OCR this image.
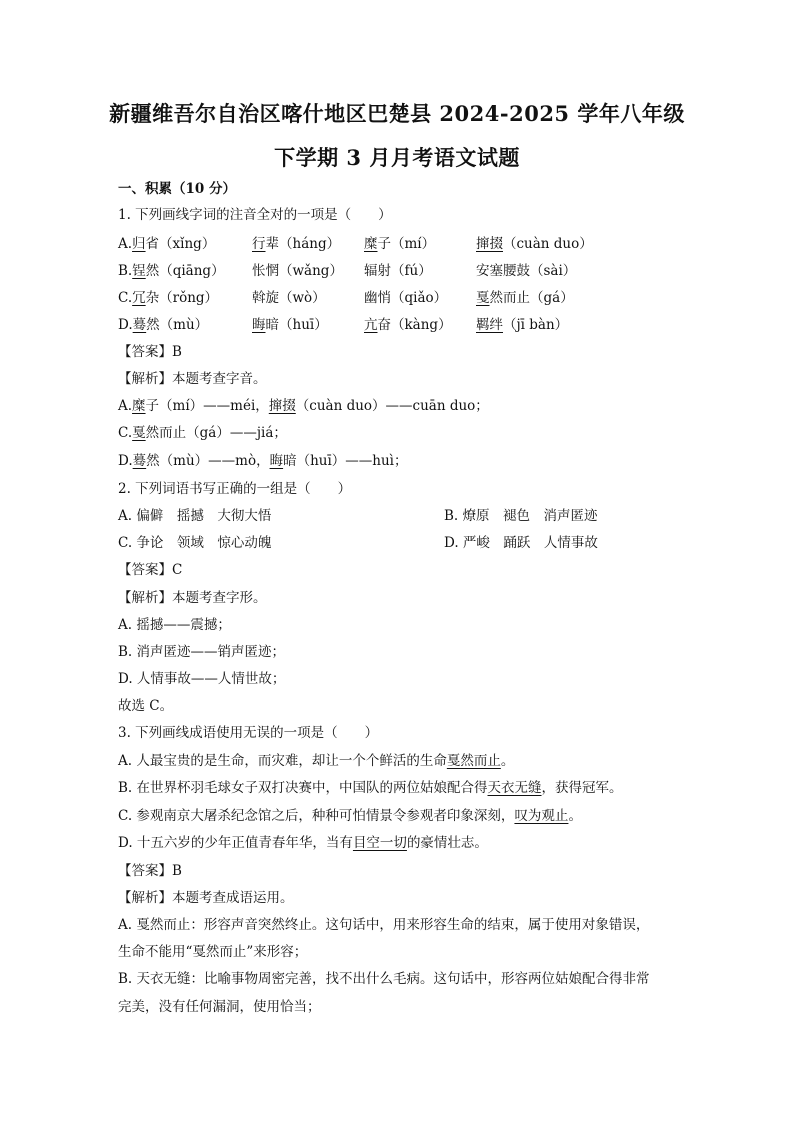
新疆维吾尔自治区喀什地区巴楚县 2024-2025 学年八年级
下学期 3 月月考语文试题
一、积累（10 分）
1. 下列画线字词的注音全对的一项是（　　）
A.归省（xǐng）	行辈（háng） 糜子（mí）	撺掇（cuàn duo）
B.锃然（qiāng） 怅惘（wǎng） 辐射（fú）	安塞腰鼓（sài）
C.冗杂（rǒng）	斡旋（wò）	幽悄（qiǎo） 戛然而止（gá）
D.蓦然（mù）	晦暗（huī）	亢奋（kàng） 羁绊（jī bàn）
【答案】B
【解析】本题考查字音。
A.糜子（mí）——méi，撺掇（cuàn duo）——cuān duo；
C.戛然而止（gá）——jiá；
D.蓦然（mù）——mò，晦暗（huī）——huì；
2. 下列词语书写正确的一组是（　　）
A. 偏僻　摇撼　大彻大悟	B. 燎原　褪色　消声匿迹
C. 争论　领域　惊心动魄	D. 严峻　踊跃　人情事故
【答案】C
【解析】本题考查字形。
A. 摇撼——震撼；
B. 消声匿迹——销声匿迹；
D. 人情事故——人情世故；
故选 C。
3. 下列画线成语使用无误的一项是（　　）
A. 人最宝贵的是生命，而灾难，却让一个个鲜活的生命戛然而止。
B. 在世界杯羽毛球女子双打决赛中，中国队的两位姑娘配合得天衣无缝，获得冠军。
C. 参观南京大屠杀纪念馆之后，种种可怕情景令参观者印象深刻，叹为观止。
D. 十五六岁的少年正值青春年华，当有目空一切的豪情壮志。
【答案】B
【解析】本题考查成语运用。
A. 戛然而止：形容声音突然终止。这句话中，用来形容生命的结束，属于使用对象错误，
生命不能用“戛然而止”来形容；
B. 天衣无缝：比喻事物周密完善，找不出什么毛病。这句话中，形容两位姑娘配合得非常
完美，没有任何漏洞，使用恰当；
